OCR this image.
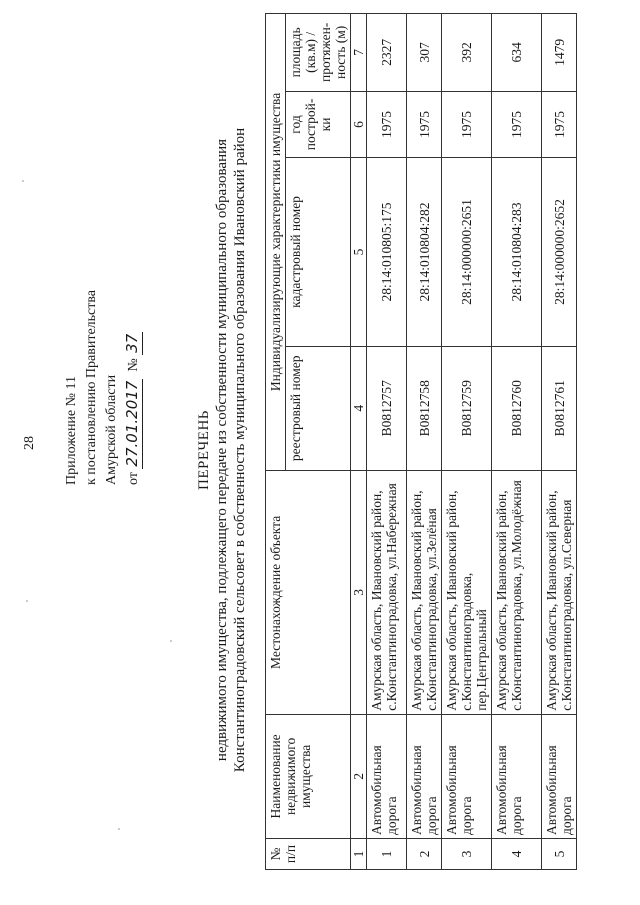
28 Приложение № 11 к постановлению Правительства Амурской области от 27.01.2017  № 37
ПЕРЕЧЕНЬ недвижимого имущества, подлежащего передаче из собственности муниципального образования Константиноградовский сельсовет в собственность муниципального образования Ивановский район
№ п/п	Наименование недвижимого имущества	Местонахождение объекта	Индивидуализирующие характеристики имущества			
			реестровый номер	кадастровый номер	год построй-ки	площадь (кв.м) / протяжен-ность (м)
1	2	3	4	5	6	7
1	Автомобильная дорога	Амурская область, Ивановский район, с.Константиноградовка, ул.Набережная	В0812757	28:14:010805:175	1975	2327
2	Автомобильная дорога	Амурская область, Ивановский район, с.Константиноградовка, ул.Зелёная	В0812758	28:14:010804:282	1975	307
3	Автомобильная дорога	Амурская область, Ивановский район, с.Константиноградовка, пер.Центральный	В0812759	28:14:000000:2651	1975	392
4	Автомобильная дорога	Амурская область, Ивановский район, с.Константиноградовка, ул.Молодёжная	В0812760	28:14:010804:283	1975	634
5	Автомобильная дорога	Амурская область, Ивановский район, с.Константиноградовка, ул.Северная	В0812761	28:14:000000:2652	1975	1479
